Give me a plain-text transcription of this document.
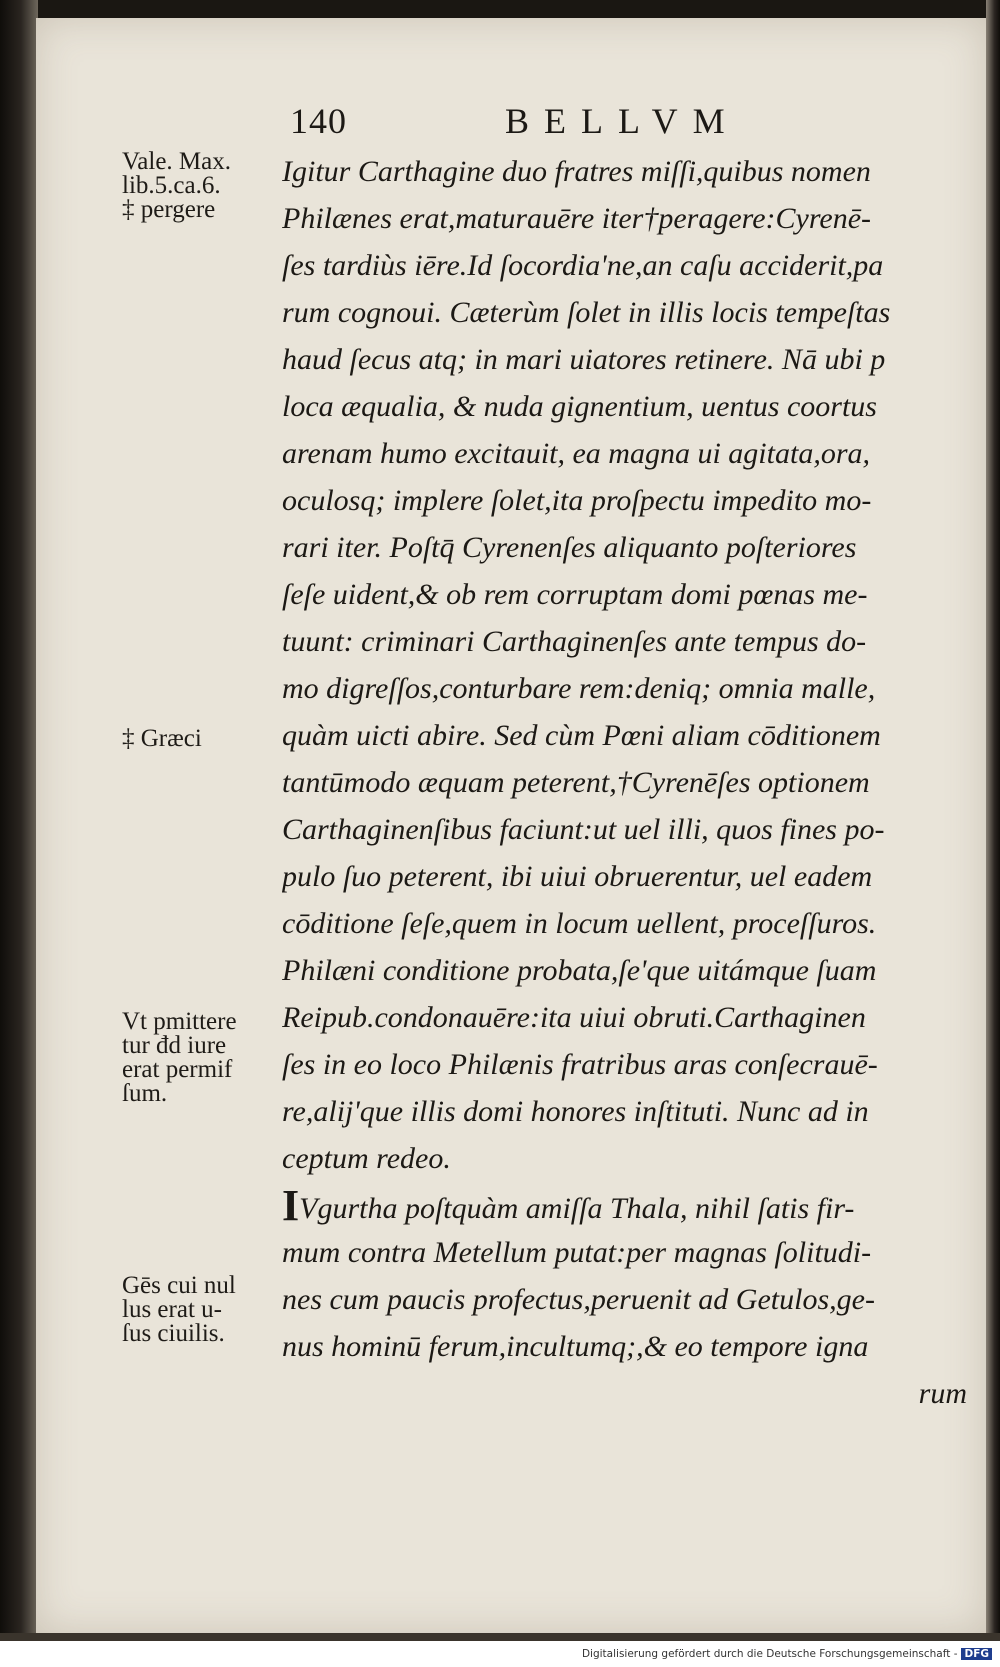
140	BELLVM
Vale. Max.
lib.5.ca.6.
‡ pergere
‡ Græci
Vt pmittere
tur đd iure
erat permif
ſum.
Gēs cui nul
lus erat u-
ſus ciuilis.
Igitur Carthagine duo fratres miſſi,quibus nomen
Philænes erat,maturauēre iter†peragere:Cyrenē-
ſes tardiùs iēre.Id ſocordia'ne,an caſu acciderit,pa
rum cognoui. Cæterùm ſolet in illis locis tempeſtas
haud ſecus atq; in mari uiatores retinere. Nā ubi p
loca æqualia, & nuda gignentium, uentus coortus
arenam humo excitauit, ea magna ui agitata,ora,
oculosq; implere ſolet,ita proſpectu impedito mo-
rari iter. Poſtq̄ Cyrenenſes aliquanto poſteriores
ſeſe uident,& ob rem corruptam domi pœnas me-
tuunt: criminari Carthaginenſes ante tempus do-
mo digreſſos,conturbare rem:deniq; omnia malle,
quàm uicti abire. Sed cùm Pœni aliam cōditionem
tantūmodo æquam peterent,†Cyrenēſes optionem
Carthaginenſibus faciunt:ut uel illi, quos fines po-
pulo ſuo peterent, ibi uiui obruerentur, uel eadem
cōditione ſeſe,quem in locum uellent, proceſſuros.
Philæni conditione probata,ſe'que uitámque ſuam
Reipub.condonauēre:ita uiui obruti.Carthaginen
ſes in eo loco Philænis fratribus aras conſecrauē-
re,alij'que illis domi honores inſtituti. Nunc ad in
ceptum redeo.
IVgurtha poſtquàm amiſſa Thala, nihil ſatis fir-
mum contra Metellum putat:per magnas ſolitudi-
nes cum paucis profectus,peruenit ad Getulos,ge-
nus hominū ferum,incultumq;,& eo tempore igna
rum
Digitalisierung gefördert durch die Deutsche Forschungsgemeinschaft - DFG
